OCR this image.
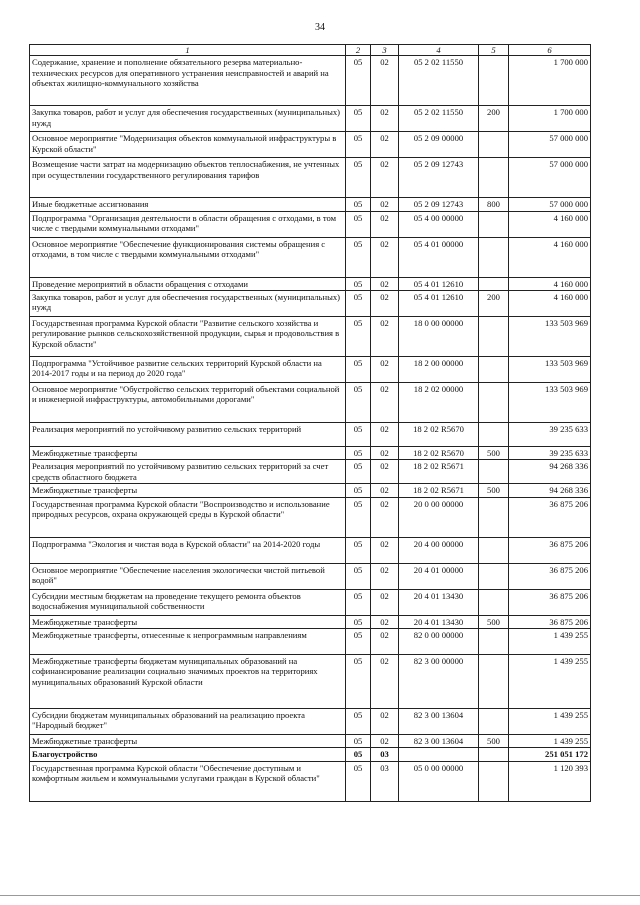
34
1	2	3	4	5	6
Содержание, хранение и пополнение обязательного резерва материально-технических ресурсов для оперативного устранения неисправностей и аварий на объектах жилищно-коммунального хозяйства	05	02	05 2 02 11550		1 700 000
Закупка товаров, работ и услуг для обеспечения государственных (муниципальных) нужд	05	02	05 2 02 11550	200	1 700 000
Основное мероприятие "Модернизация объектов коммунальной инфраструктуры в Курской области"	05	02	05 2 09 00000		57 000 000
Возмещение части затрат на модернизацию объектов теплоснабжения, не учтенных при осуществлении государственного регулирования тарифов	05	02	05 2 09 12743		57 000 000
Иные бюджетные ассигнования	05	02	05 2 09 12743	800	57 000 000
Подпрограмма "Организация деятельности в области обращения с отходами, в том числе с твердыми коммунальными отходами"	05	02	05 4 00 00000		4 160 000
Основное мероприятие "Обеспечение функционирования системы обращения с отходами, в том числе с твердыми коммунальными отходами"	05	02	05 4 01 00000		4 160 000
Проведение мероприятий в области обращения с отходами	05	02	05 4 01 12610		4 160 000
Закупка товаров, работ и услуг для обеспечения государственных (муниципальных) нужд	05	02	05 4 01 12610	200	4 160 000
Государственная программа Курской области "Развитие сельского хозяйства и регулирование рынков сельскохозяйственной продукции, сырья и продовольствия в Курской области"	05	02	18 0 00 00000		133 503 969
Подпрограмма "Устойчивое развитие сельских территорий Курской области на 2014-2017 годы и на период до 2020 года"	05	02	18 2 00 00000		133 503 969
Основное мероприятие "Обустройство сельских территорий объектами социальной и инженерной инфраструктуры, автомобильными дорогами"	05	02	18 2 02 00000		133 503 969
Реализация мероприятий по устойчивому развитию сельских территорий	05	02	18 2 02 R5670		39 235 633
Межбюджетные трансферты	05	02	18 2 02 R5670	500	39 235 633
Реализация мероприятий по устойчивому развитию сельских территорий за счет средств областного бюджета	05	02	18 2 02 R5671		94 268 336
Межбюджетные трансферты	05	02	18 2 02 R5671	500	94 268 336
Государственная программа Курской области "Воспроизводство и использование природных ресурсов, охрана окружающей среды в Курской области"	05	02	20 0 00 00000		36 875 206
Подпрограмма "Экология и чистая вода в Курской области" на 2014-2020 годы	05	02	20 4 00 00000		36 875 206
Основное мероприятие "Обеспечение населения экологически чистой питьевой водой"	05	02	20 4 01 00000		36 875 206
Субсидии местным бюджетам на проведение текущего ремонта объектов водоснабжения муниципальной собственности	05	02	20 4 01 13430		36 875 206
Межбюджетные трансферты	05	02	20 4 01 13430	500	36 875 206
Межбюджетные трансферты, отнесенные к непрограммным направлениям	05	02	82 0 00 00000		1 439 255
Межбюджетные трансферты бюджетам муниципальных образований на софинансирование реализации социально значимых проектов на территориях муниципальных образований Курской области	05	02	82 3 00 00000		1 439 255
Субсидии бюджетам муниципальных образований на реализацию проекта "Народный бюджет"	05	02	82 3 00 13604		1 439 255
Межбюджетные трансферты	05	02	82 3 00 13604	500	1 439 255
Благоустройство	05	03			251 051 172
Государственная программа Курской области "Обеспечение доступным и комфортным жильем и коммунальными услугами граждан в Курской области"	05	03	05 0 00 00000		1 120 393
